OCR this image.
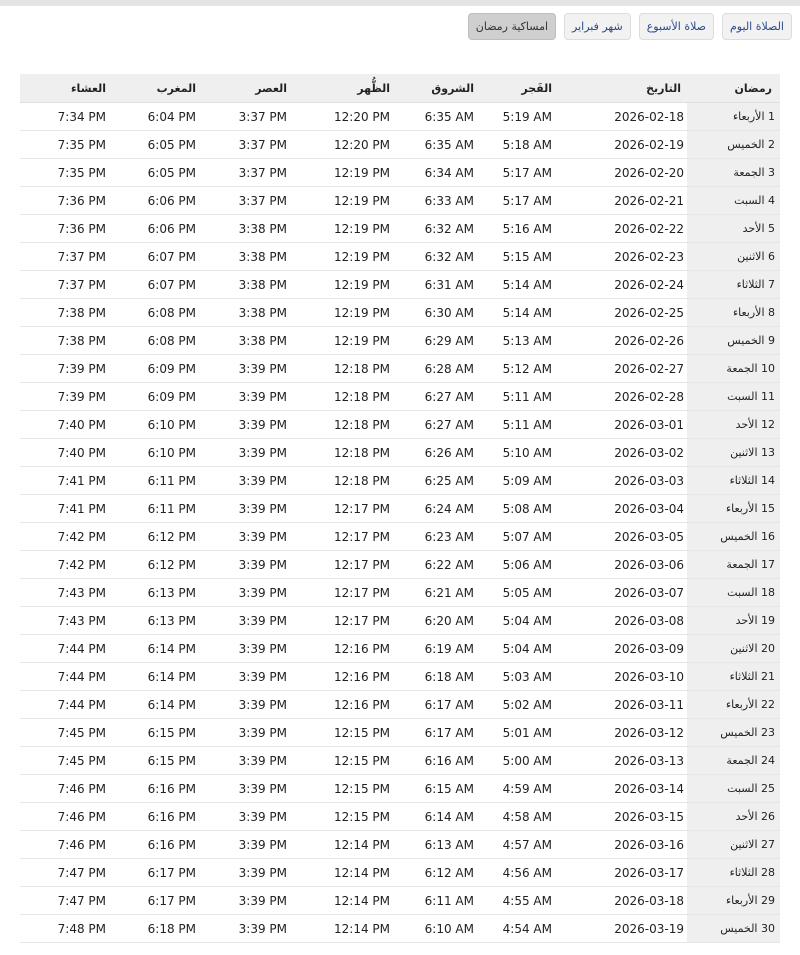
الصلاة اليوم
صلاة الأسبوع
شهر فبراير
امساكية رمضان
رمضان	التاريخ	الفَجر	الشروق	الظُّهر	العصر	المغرب	العشاء
1 الأربعاء	2026-02-18	5:19 AM	6:35 AM	12:20 PM	3:37 PM	6:04 PM	7:34 PM
2 الخميس	2026-02-19	5:18 AM	6:35 AM	12:20 PM	3:37 PM	6:05 PM	7:35 PM
3 الجمعة	2026-02-20	5:17 AM	6:34 AM	12:19 PM	3:37 PM	6:05 PM	7:35 PM
4 السبت	2026-02-21	5:17 AM	6:33 AM	12:19 PM	3:37 PM	6:06 PM	7:36 PM
5 الأحد	2026-02-22	5:16 AM	6:32 AM	12:19 PM	3:38 PM	6:06 PM	7:36 PM
6 الاثنين	2026-02-23	5:15 AM	6:32 AM	12:19 PM	3:38 PM	6:07 PM	7:37 PM
7 الثلاثاء	2026-02-24	5:14 AM	6:31 AM	12:19 PM	3:38 PM	6:07 PM	7:37 PM
8 الأربعاء	2026-02-25	5:14 AM	6:30 AM	12:19 PM	3:38 PM	6:08 PM	7:38 PM
9 الخميس	2026-02-26	5:13 AM	6:29 AM	12:19 PM	3:38 PM	6:08 PM	7:38 PM
10 الجمعة	2026-02-27	5:12 AM	6:28 AM	12:18 PM	3:39 PM	6:09 PM	7:39 PM
11 السبت	2026-02-28	5:11 AM	6:27 AM	12:18 PM	3:39 PM	6:09 PM	7:39 PM
12 الأحد	2026-03-01	5:11 AM	6:27 AM	12:18 PM	3:39 PM	6:10 PM	7:40 PM
13 الاثنين	2026-03-02	5:10 AM	6:26 AM	12:18 PM	3:39 PM	6:10 PM	7:40 PM
14 الثلاثاء	2026-03-03	5:09 AM	6:25 AM	12:18 PM	3:39 PM	6:11 PM	7:41 PM
15 الأربعاء	2026-03-04	5:08 AM	6:24 AM	12:17 PM	3:39 PM	6:11 PM	7:41 PM
16 الخميس	2026-03-05	5:07 AM	6:23 AM	12:17 PM	3:39 PM	6:12 PM	7:42 PM
17 الجمعة	2026-03-06	5:06 AM	6:22 AM	12:17 PM	3:39 PM	6:12 PM	7:42 PM
18 السبت	2026-03-07	5:05 AM	6:21 AM	12:17 PM	3:39 PM	6:13 PM	7:43 PM
19 الأحد	2026-03-08	5:04 AM	6:20 AM	12:17 PM	3:39 PM	6:13 PM	7:43 PM
20 الاثنين	2026-03-09	5:04 AM	6:19 AM	12:16 PM	3:39 PM	6:14 PM	7:44 PM
21 الثلاثاء	2026-03-10	5:03 AM	6:18 AM	12:16 PM	3:39 PM	6:14 PM	7:44 PM
22 الأربعاء	2026-03-11	5:02 AM	6:17 AM	12:16 PM	3:39 PM	6:14 PM	7:44 PM
23 الخميس	2026-03-12	5:01 AM	6:17 AM	12:15 PM	3:39 PM	6:15 PM	7:45 PM
24 الجمعة	2026-03-13	5:00 AM	6:16 AM	12:15 PM	3:39 PM	6:15 PM	7:45 PM
25 السبت	2026-03-14	4:59 AM	6:15 AM	12:15 PM	3:39 PM	6:16 PM	7:46 PM
26 الأحد	2026-03-15	4:58 AM	6:14 AM	12:15 PM	3:39 PM	6:16 PM	7:46 PM
27 الاثنين	2026-03-16	4:57 AM	6:13 AM	12:14 PM	3:39 PM	6:16 PM	7:46 PM
28 الثلاثاء	2026-03-17	4:56 AM	6:12 AM	12:14 PM	3:39 PM	6:17 PM	7:47 PM
29 الأربعاء	2026-03-18	4:55 AM	6:11 AM	12:14 PM	3:39 PM	6:17 PM	7:47 PM
30 الخميس	2026-03-19	4:54 AM	6:10 AM	12:14 PM	3:39 PM	6:18 PM	7:48 PM
